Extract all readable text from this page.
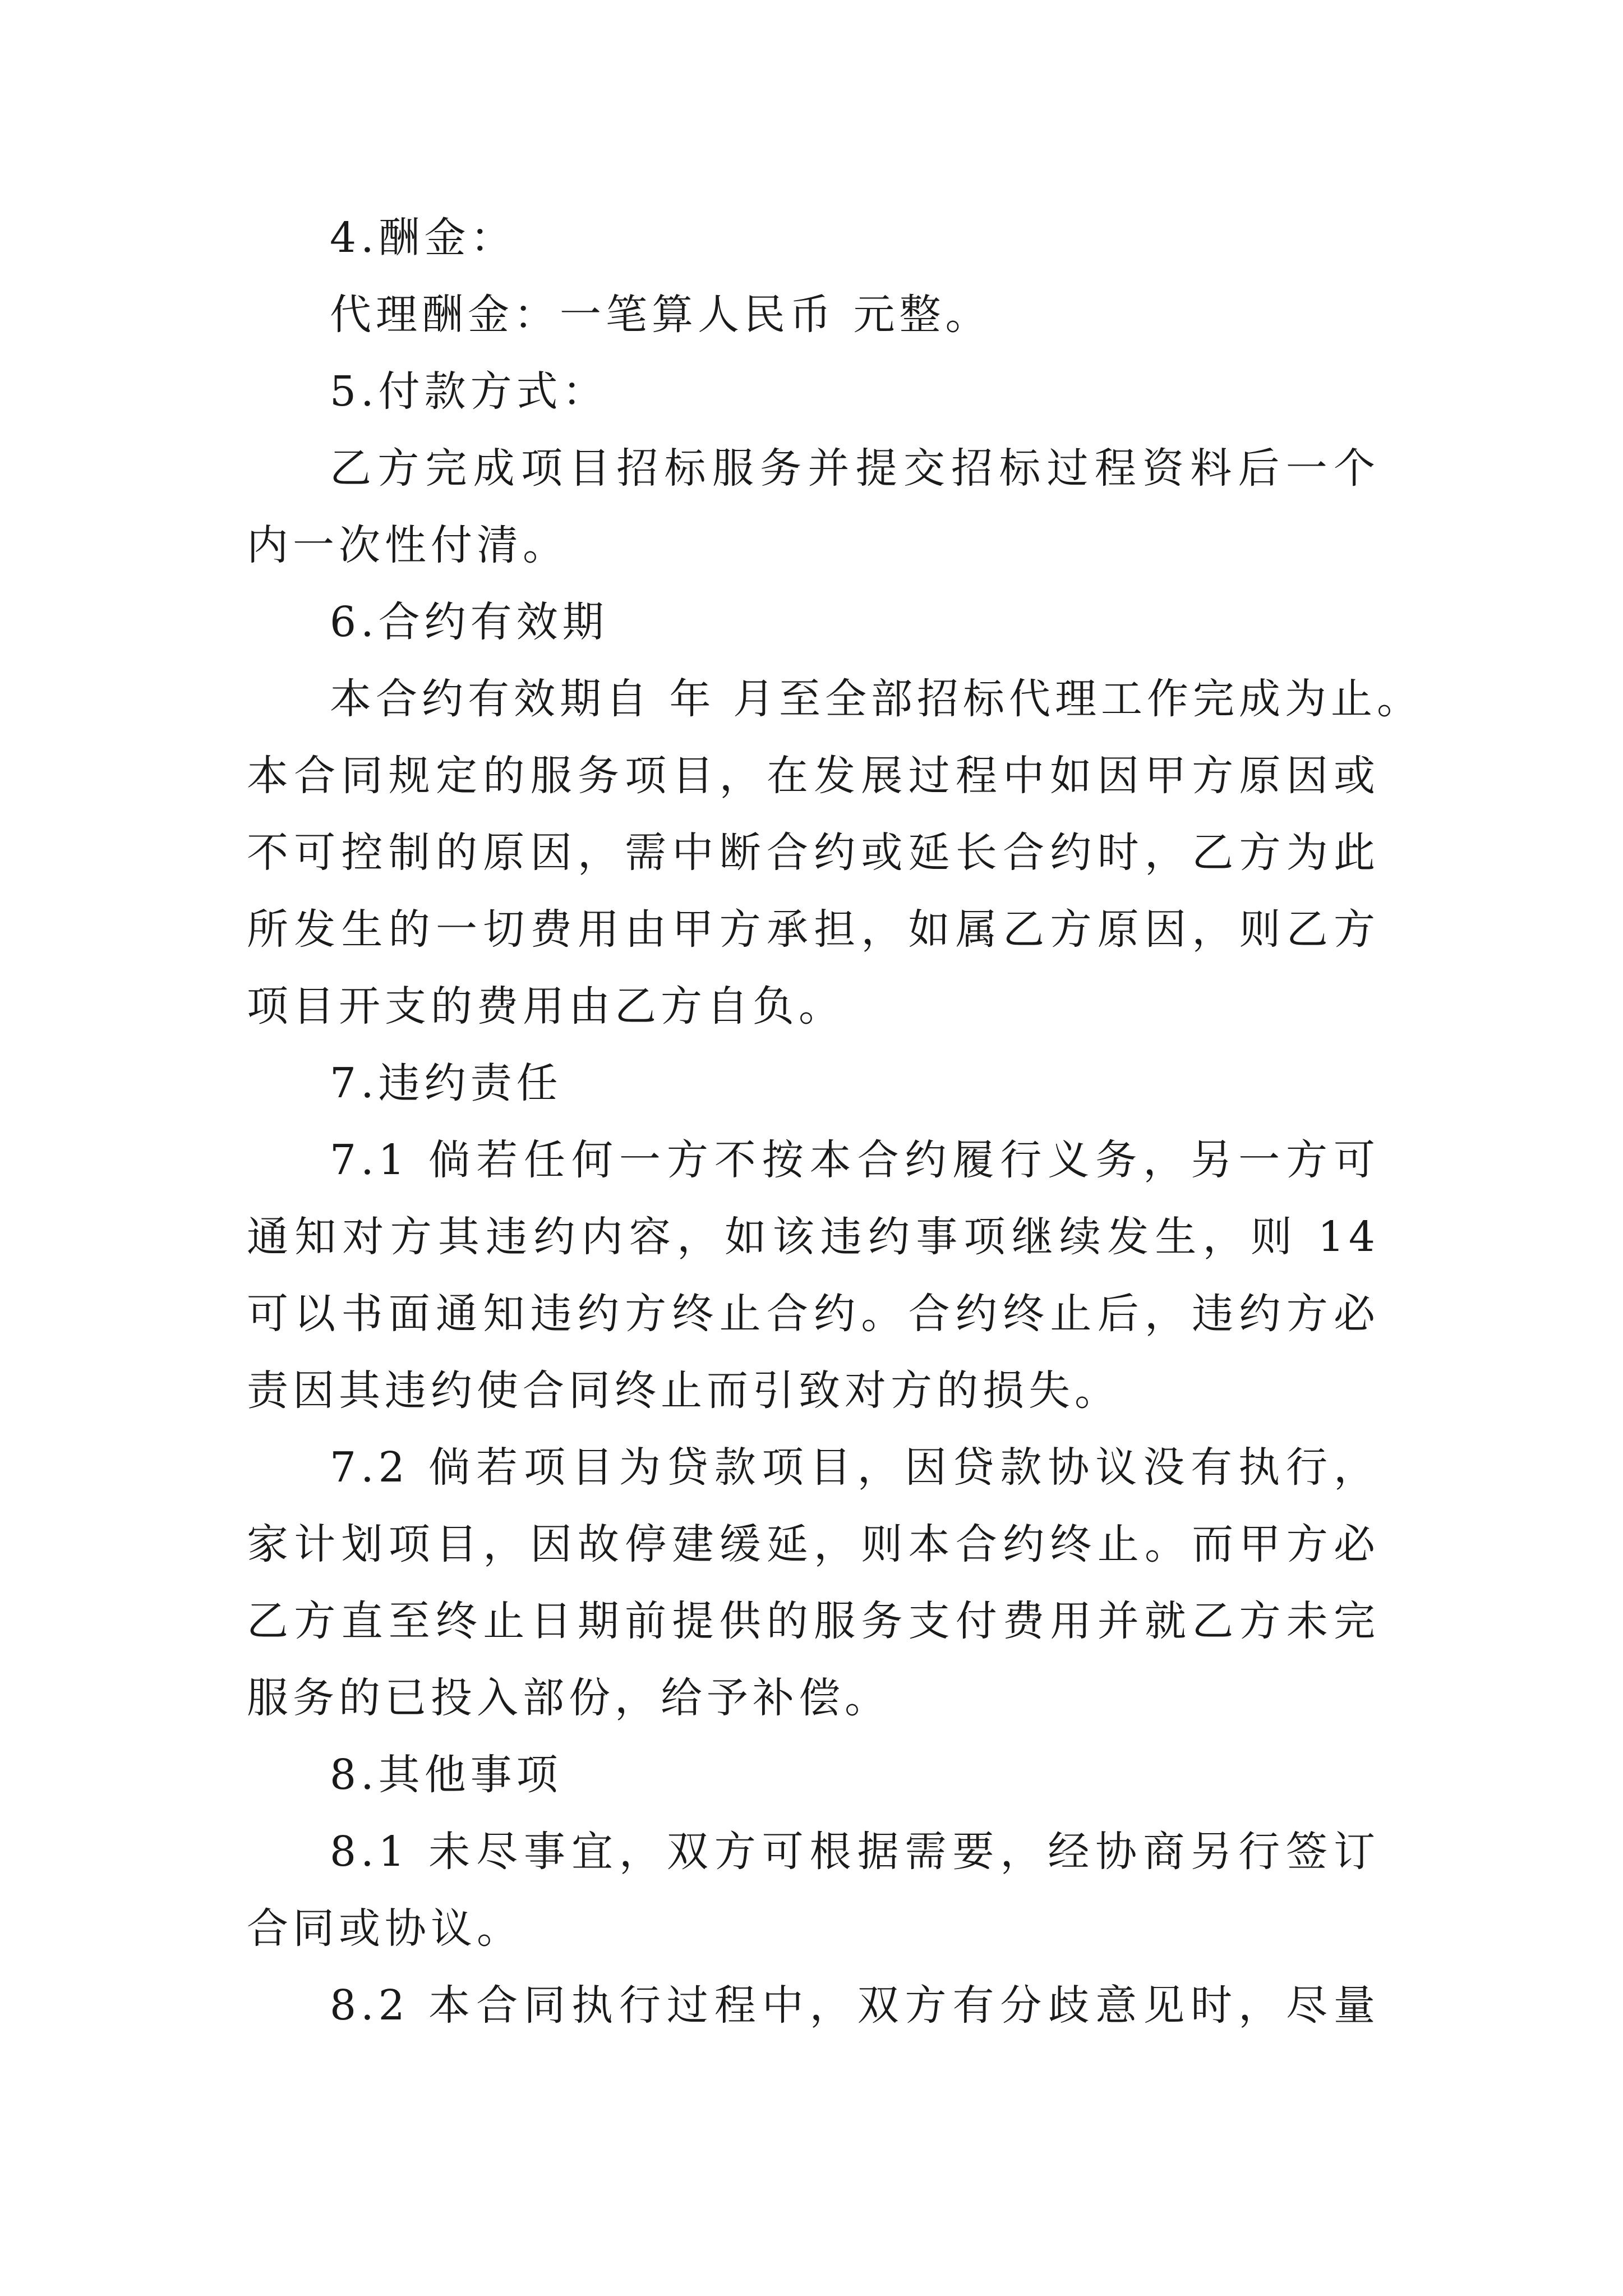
4.酬金：
代理酬金：一笔算人民币 元整。
5.付款方式：
乙方完成项目招标服务并提交招标过程资料后一个
内一次性付清。
6.合约有效期
本合约有效期自 年 月至全部招标代理工作完成为止。
本合同规定的服务项目，在发展过程中如因甲方原因或
不可控制的原因，需中断合约或延长合约时，乙方为此
所发生的一切费用由甲方承担，如属乙方原因，则乙方
项目开支的费用由乙方自负。
7.违约责任
7.1 倘若任何一方不按本合约履行义务，另一方可
通知对方其违约内容，如该违约事项继续发生，则 14
可以书面通知违约方终止合约。合约终止后，违约方必
责因其违约使合同终止而引致对方的损失。
7.2 倘若项目为贷款项目，因贷款协议没有执行，
家计划项目，因故停建缓延，则本合约终止。而甲方必
乙方直至终止日期前提供的服务支付费用并就乙方未完
服务的已投入部份，给予补偿。
8.其他事项
8.1 未尽事宜，双方可根据需要，经协商另行签订
合同或协议。
8.2 本合同执行过程中，双方有分歧意见时，尽量
